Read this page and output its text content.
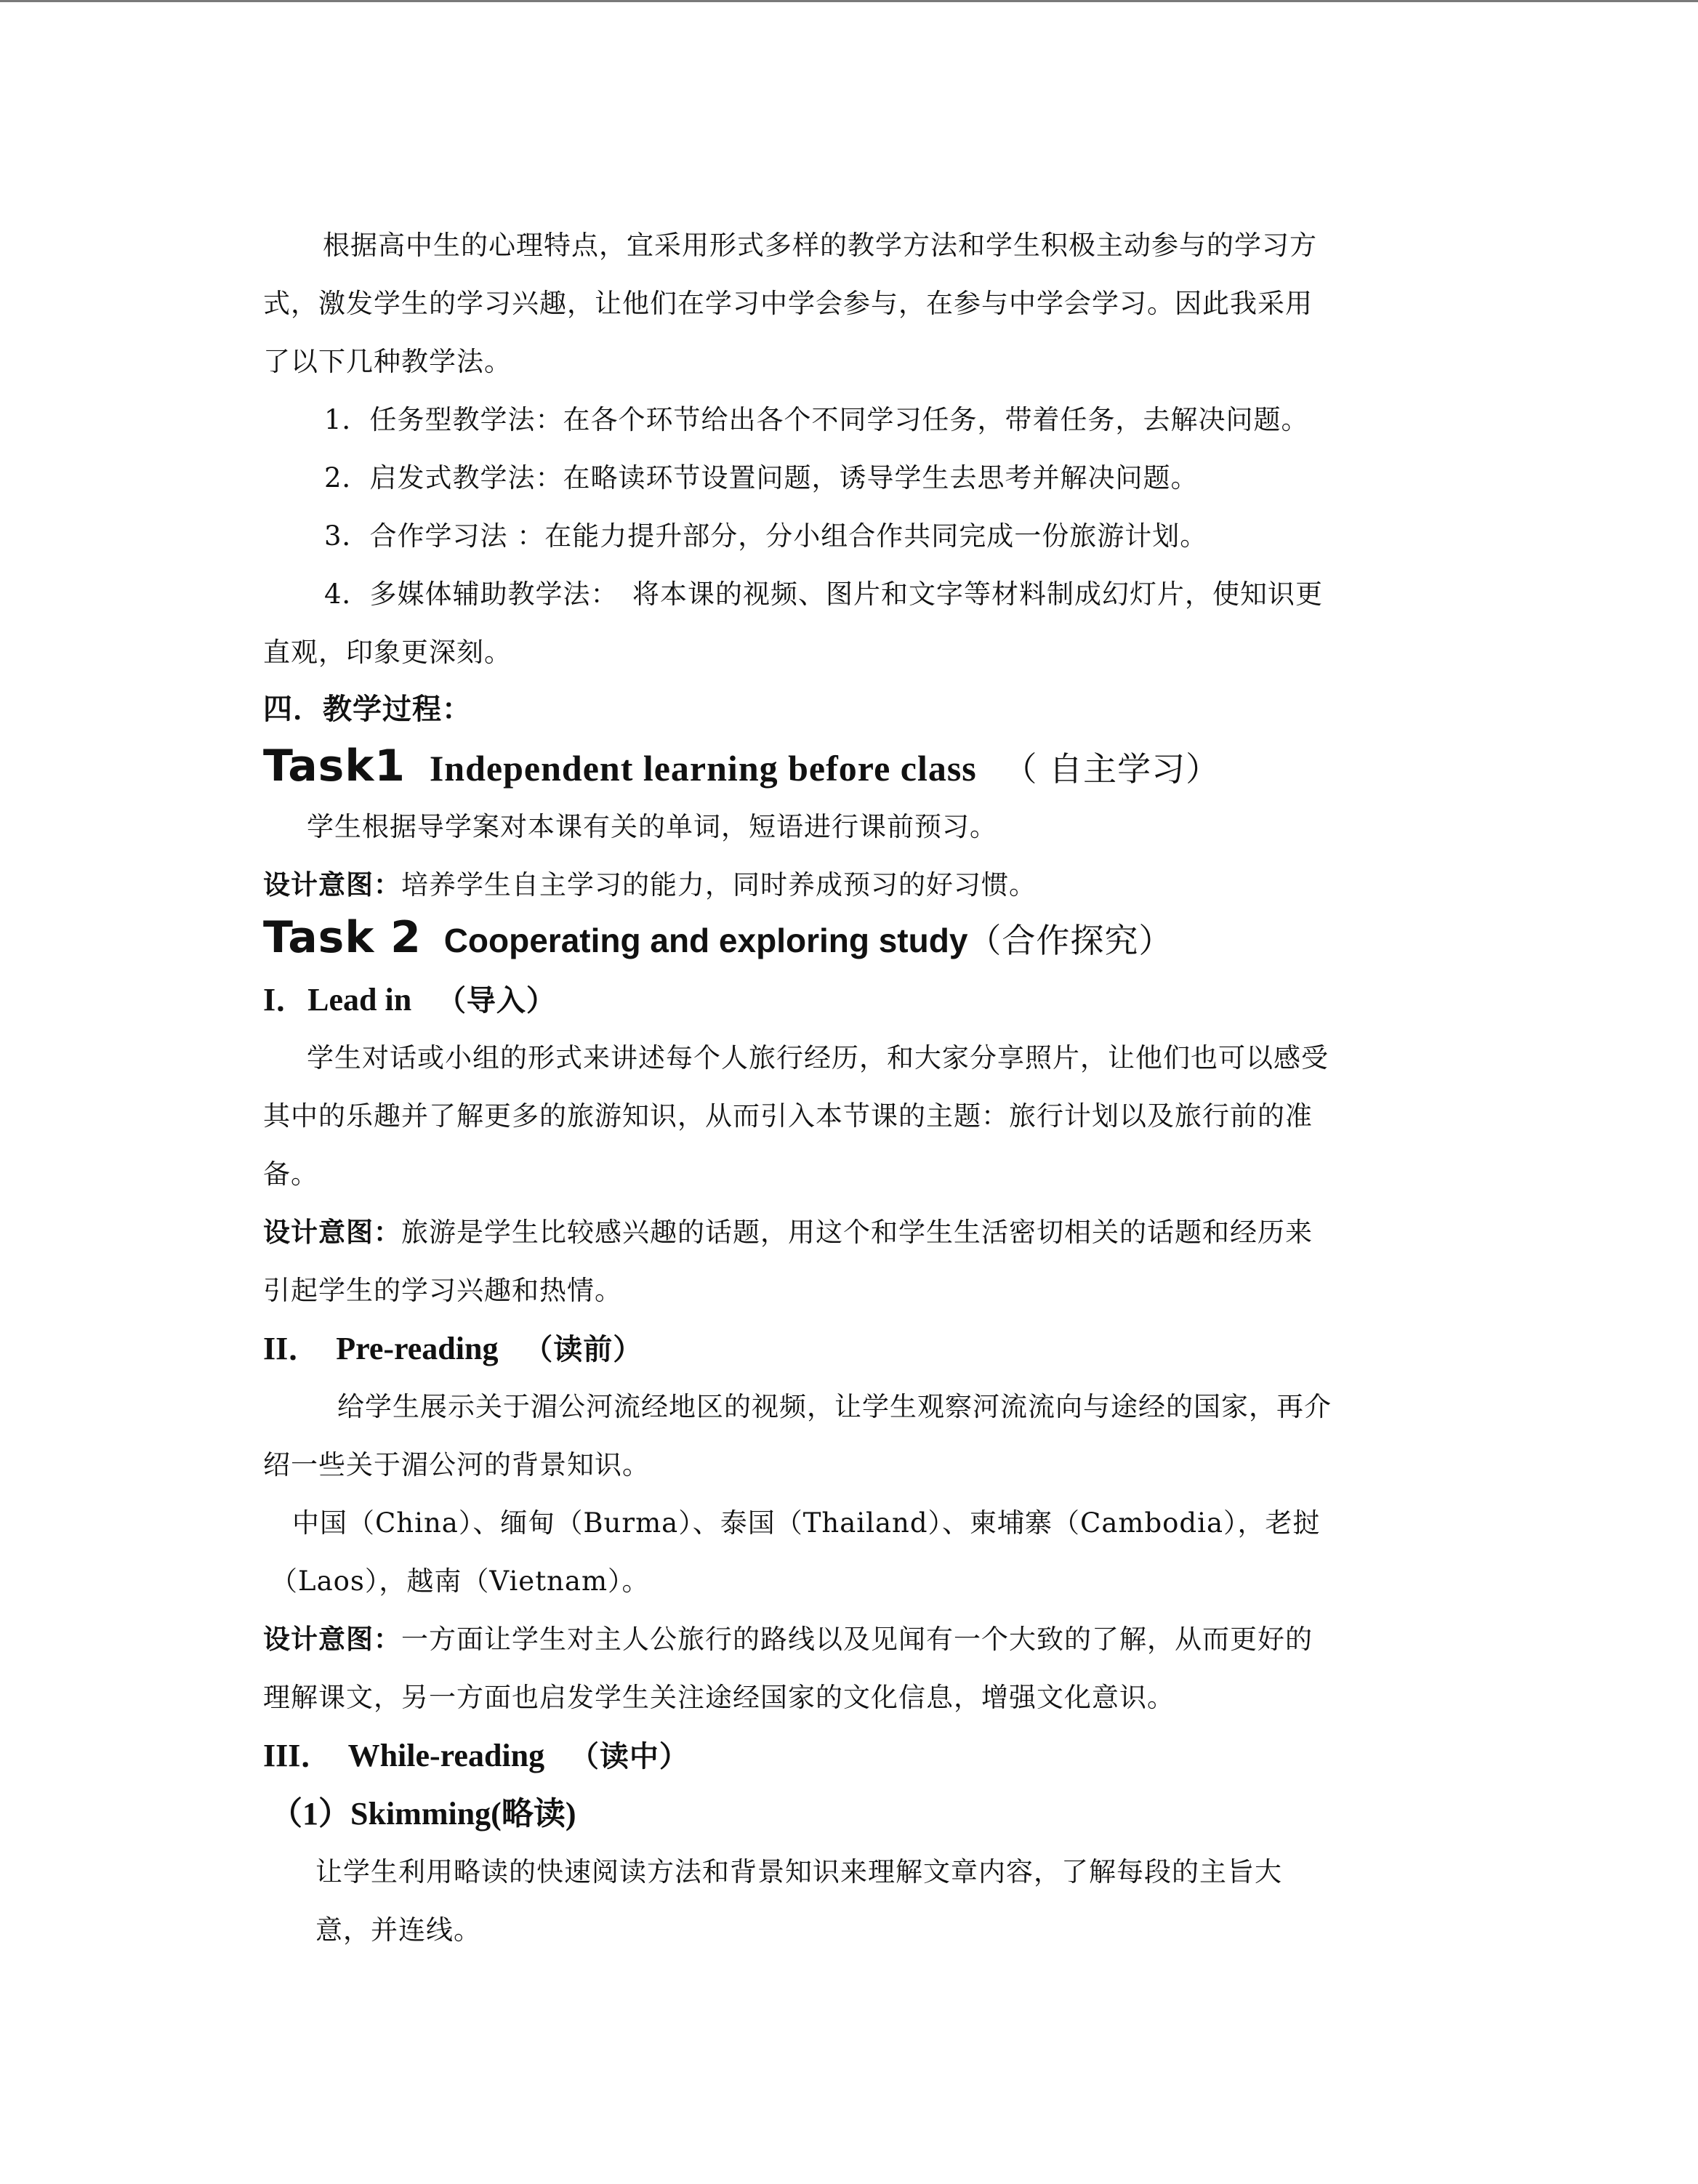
根据高中生的心理特点，宜采用形式多样的教学方法和学生积极主动参与的学习方
式，激发学生的学习兴趣，让他们在学习中学会参与，在参与中学会学习。因此我采用
了以下几种教学法。
1．任务型教学法：在各个环节给出各个不同学习任务，带着任务，去解决问题。
2．启发式教学法：在略读环节设置问题，诱导学生去思考并解决问题。
3．合作学习法 ：在能力提升部分，分小组合作共同完成一份旅游计划。
4．多媒体辅助教学法：　将本课的视频、图片和文字等材料制成幻灯片，使知识更
直观，印象更深刻。
四．教学过程：
Task1 Independent learning before class （ 自主学习）
学生根据导学案对本课有关的单词，短语进行课前预习。
设计意图：培养学生自主学习的能力，同时养成预习的好习惯。
Task 2 Cooperating and exploring study（合作探究）
I．Lead in （导入）
学生对话或小组的形式来讲述每个人旅行经历，和大家分享照片，让他们也可以感受
其中的乐趣并了解更多的旅游知识，从而引入本节课的主题：旅行计划以及旅行前的准
备。
设计意图：旅游是学生比较感兴趣的话题，用这个和学生生活密切相关的话题和经历来
引起学生的学习兴趣和热情。
II．  Pre-reading （读前）
给学生展示关于湄公河流经地区的视频，让学生观察河流流向与途经的国家，再介
绍一些关于湄公河的背景知识。
中国（China）、缅甸（Burma）、泰国（Thailand）、柬埔寨（Cambodia），老挝
（Laos），越南（Vietnam）。
设计意图：一方面让学生对主人公旅行的路线以及见闻有一个大致的了解，从而更好的
理解课文，另一方面也启发学生关注途经国家的文化信息，增强文化意识。
III．  While-reading （读中）
（1）Skimming(略读)
让学生利用略读的快速阅读方法和背景知识来理解文章内容，了解每段的主旨大
意，并连线。
